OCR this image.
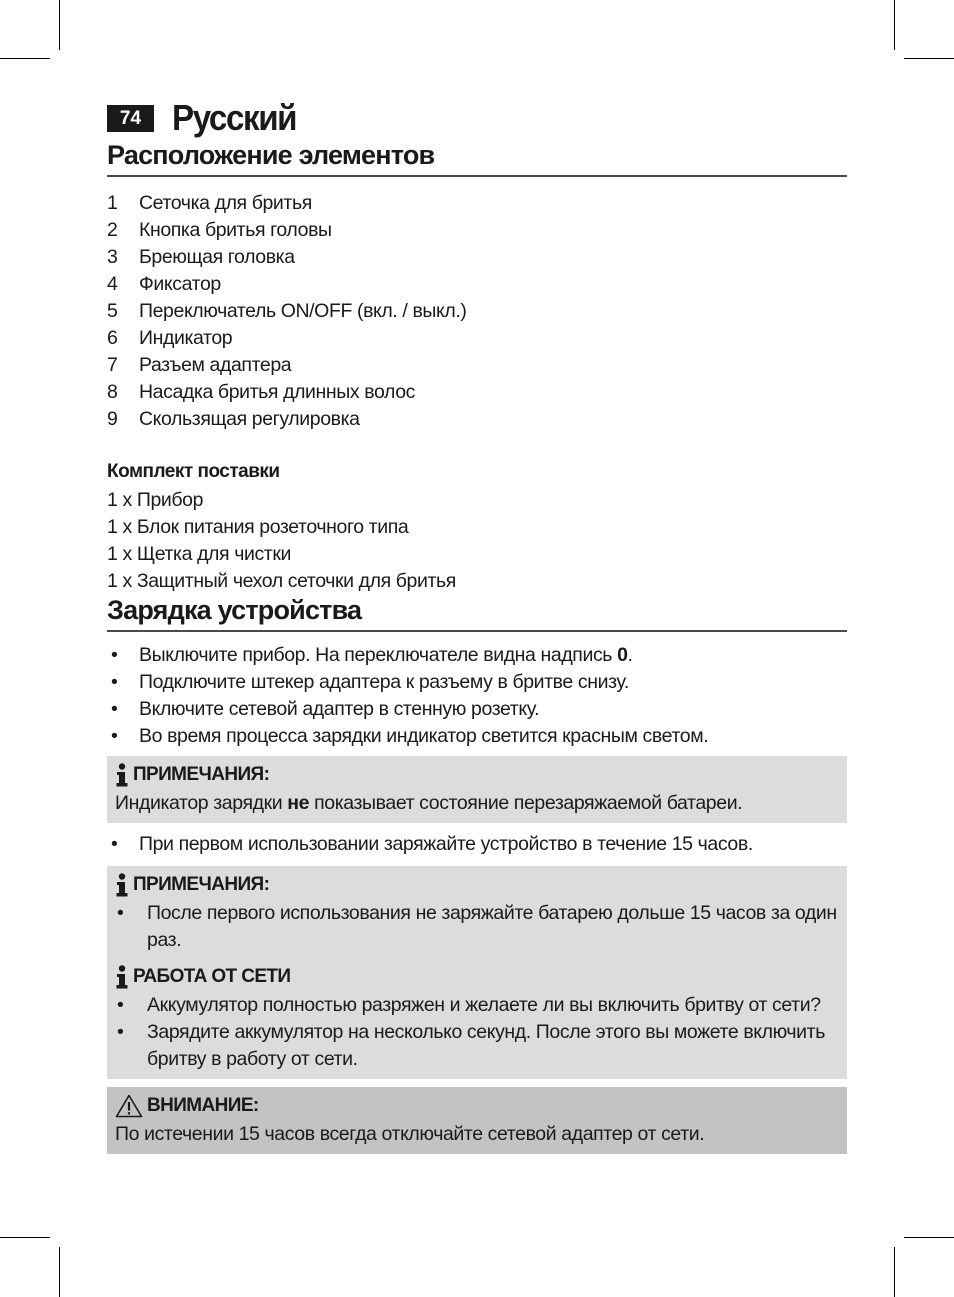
74 Русский
Расположение элементов
1	Сеточка для бритья
2	Кнопка бритья головы
3	Бреющая головка
4	Фиксатор
5	Переключатель ON/OFF (вкл. / выкл.)
6	Индикатор
7	Разъем адаптера
8	Насадка бритья длинных волос
9	Скользящая регулировка
Комплект поставки
1 x Прибор
1 x Блок питания розеточного типа
1 x Щетка для чистки
1 x Защитный чехол сеточки для бритья
Зарядка устройства
•	Выключите прибор. На переключателе видна надпись 0.
•	Подключите штекер адаптера к разъему в бритве снизу.
•	Включите сетевой адаптер в стенную розетку.
•	Во время процесса зарядки индикатор светится красным светом.
ПРИМЕЧАНИЯ:
Индикатор зарядки не показывает состояние перезаряжаемой батареи.
•	При первом использовании заряжайте устройство в течение 15 часов.
ПРИМЕЧАНИЯ:
•	После первого использования не заряжайте батарею дольше 15 часов за один раз.
РАБОТА ОТ СЕТИ
•	Аккумулятор полностью разряжен и желаете ли вы включить бритву от сети?
•	Зарядите аккумулятор на несколько секунд. После этого вы можете включить бритву в работу от сети.
ВНИМАНИЕ:
По истечении 15 часов всегда отключайте сетевой адаптер от сети.
